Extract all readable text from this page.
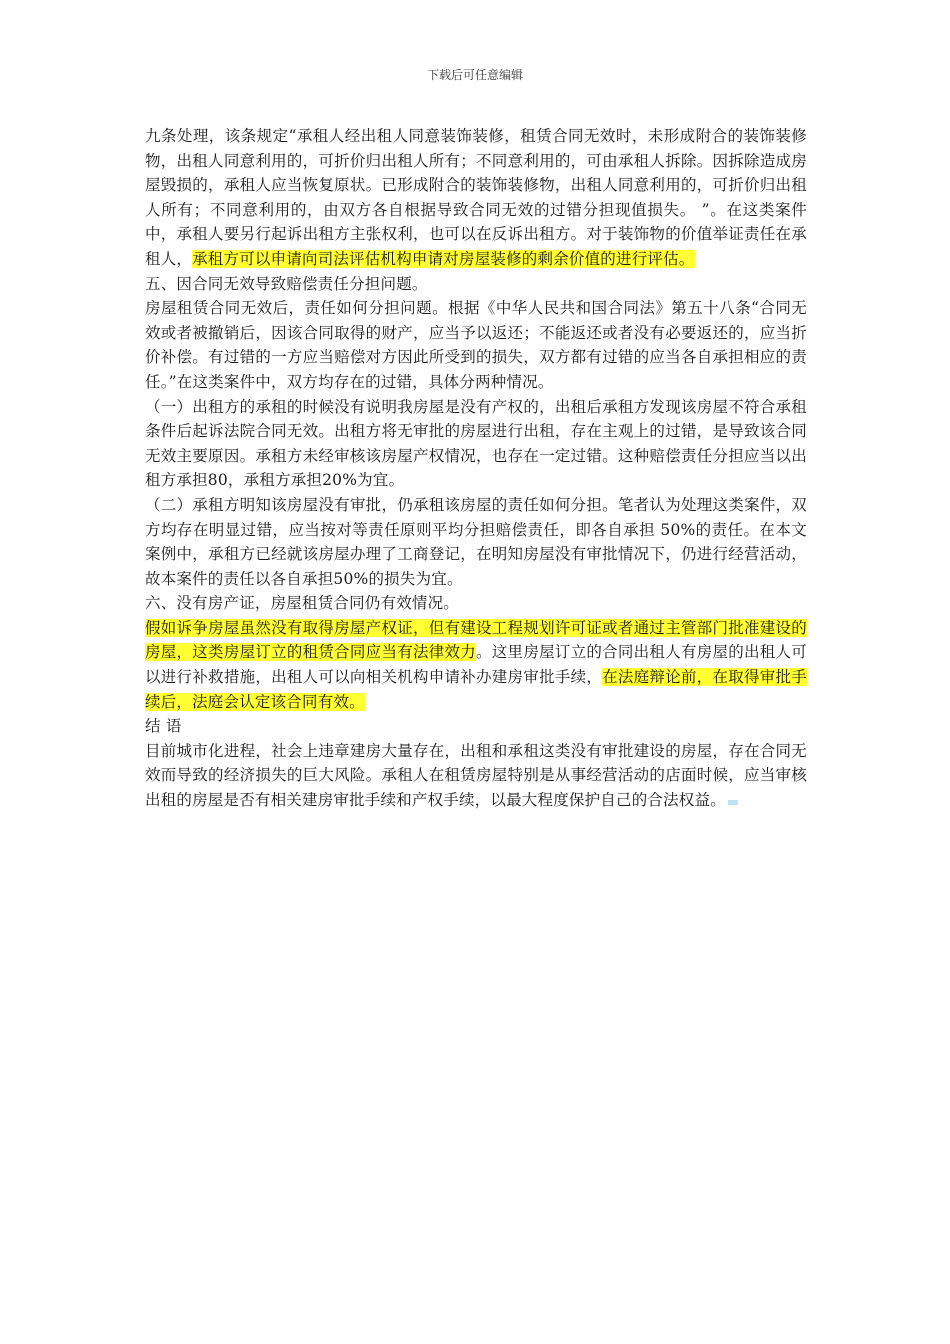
下载后可任意编辑

九条处理，该条规定“承租人经出租人同意装饰装修，租赁合同无效时，未形成附合的装饰装修物，出租人同意利用的，可折价归出租人所有；不同意利用的，可由承租人拆除。因拆除造成房屋毁损的，承租人应当恢复原状。已形成附合的装饰装修物，出租人同意利用的，可折价归出租人所有；不同意利用的，由双方各自根据导致合同无效的过错分担现值损失。 ”。在这类案件中，承租人要另行起诉出租方主张权利，也可以在反诉出租方。对于装饰物的价值举证责任在承租人，承租方可以申请向司法评估机构申请对房屋装修的剩余价值的进行评估。

五、因合同无效导致赔偿责任分担问题。

房屋租赁合同无效后，责任如何分担问题。根据《中华人民共和国合同法》第五十八条“合同无效或者被撤销后，因该合同取得的财产，应当予以返还；不能返还或者没有必要返还的，应当折价补偿。有过错的一方应当赔偿对方因此所受到的损失，双方都有过错的应当各自承担相应的责任。”在这类案件中，双方均存在的过错，具体分两种情况。

（一）出租方的承租的时候没有说明我房屋是没有产权的，出租后承租方发现该房屋不符合承租条件后起诉法院合同无效。出租方将无审批的房屋进行出租，存在主观上的过错，是导致该合同无效主要原因。承租方未经审核该房屋产权情况，也存在一定过错。这种赔偿责任分担应当以出租方承担80，承租方承担20%为宜。

（二）承租方明知该房屋没有审批，仍承租该房屋的责任如何分担。笔者认为处理这类案件，双方均存在明显过错，应当按对等责任原则平均分担赔偿责任，即各自承担 50%的责任。在本文案例中，承租方已经就该房屋办理了工商登记，在明知房屋没有审批情况下，仍进行经营活动，故本案件的责任以各自承担50%的损失为宜。

六、没有房产证，房屋租赁合同仍有效情况。

假如诉争房屋虽然没有取得房屋产权证，但有建设工程规划许可证或者通过主管部门批准建设的房屋，这类房屋订立的租赁合同应当有法律效力。这里房屋订立的合同出租人有房屋的出租人可以进行补救措施，出租人可以向相关机构申请补办建房审批手续，在法庭辩论前，在取得审批手续后，法庭会认定该合同有效。

结 语

目前城市化进程，社会上违章建房大量存在，出租和承租这类没有审批建设的房屋，存在合同无效而导致的经济损失的巨大风险。承租人在租赁房屋特别是从事经营活动的店面时候，应当审核出租的房屋是否有相关建房审批手续和产权手续，以最大程度保护自己的合法权益。
